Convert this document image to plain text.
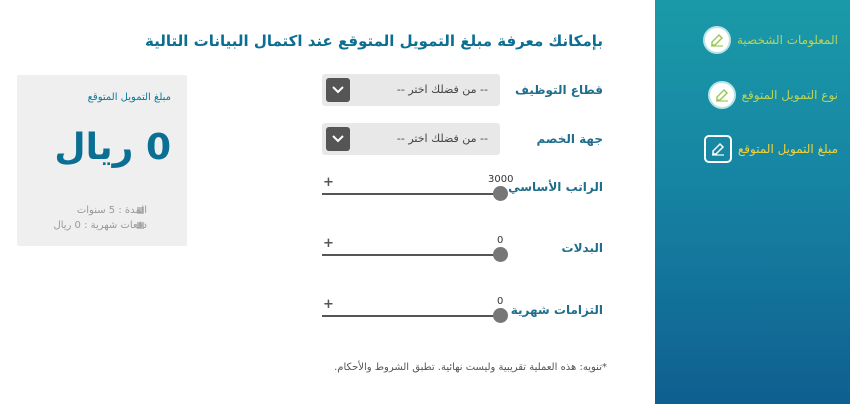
المعلومات الشخصية
نوع التمويل المتوقع
مبلغ التمويل المتوقع
بإمكانك معرفة مبلغ التمويل المتوقع عند اكتمال البيانات التالية
قطاع التوظيف
-- من فضلك اختر --
جهة الخصم
-- من فضلك اختر --
الراتب الأساسي
+	3000
البدلات
+	0
التزامات شهرية
+	0
مبلغ التمويل المتوقع
0 ريال
المدة : 5 سنوات
دفعات شهرية : 0 ريال
*تنويه: هذه العملية تقريبية وليست نهائية. تطبق الشروط والأحكام.
